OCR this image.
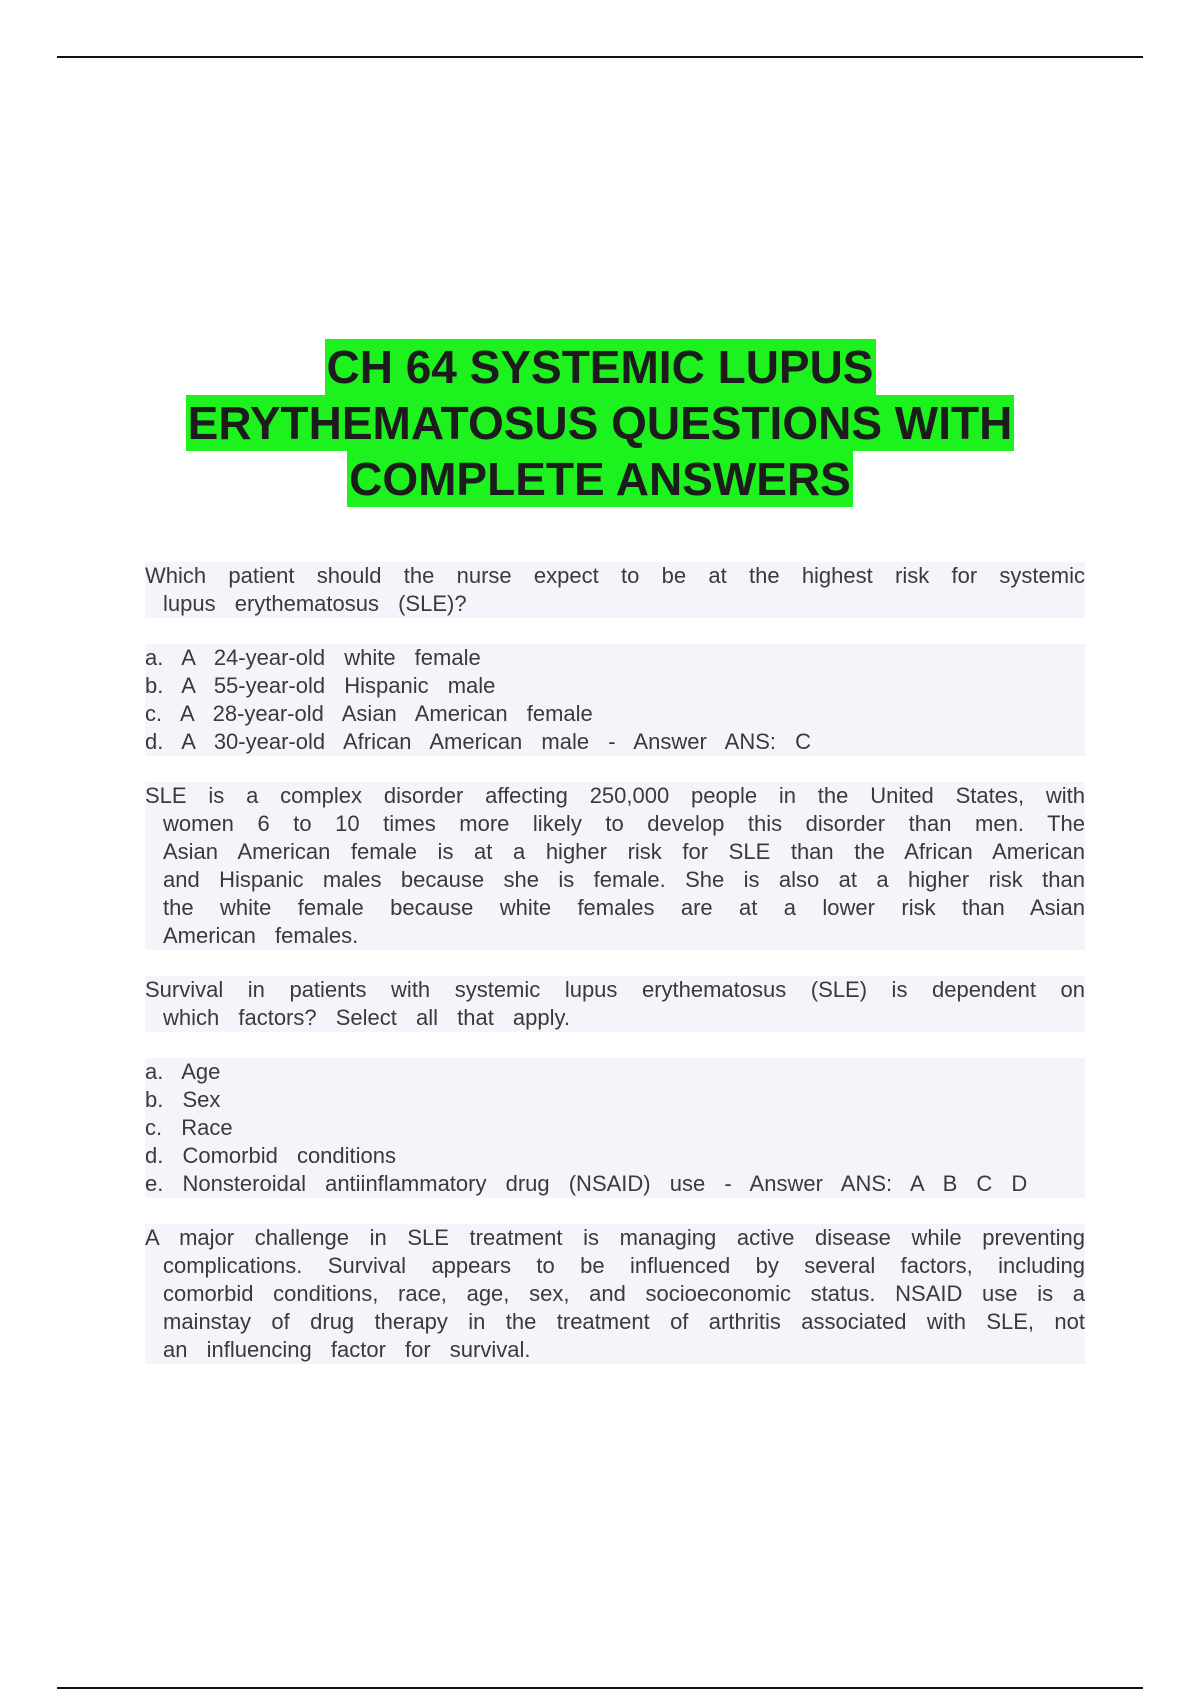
CH 64 SYSTEMIC LUPUS
ERYTHEMATOSUS QUESTIONS WITH
COMPLETE ANSWERS

Which patient should the nurse expect to be at the highest risk for systemic lupus erythematosus (SLE)?

a. A 24-year-old white female
b. A 55-year-old Hispanic male
c. A 28-year-old Asian American female
d. A 30-year-old African American male - Answer ANS: C

SLE is a complex disorder affecting 250,000 people in the United States, with women 6 to 10 times more likely to develop this disorder than men. The Asian American female is at a higher risk for SLE than the African American and Hispanic males because she is female. She is also at a higher risk than the white female because white females are at a lower risk than Asian American females.

Survival in patients with systemic lupus erythematosus (SLE) is dependent on which factors? Select all that apply.

a. Age
b. Sex
c. Race
d. Comorbid conditions
e. Nonsteroidal antiinflammatory drug (NSAID) use - Answer ANS: A B C D

A major challenge in SLE treatment is managing active disease while preventing complications. Survival appears to be influenced by several factors, including comorbid conditions, race, age, sex, and socioeconomic status. NSAID use is a mainstay of drug therapy in the treatment of arthritis associated with SLE, not an influencing factor for survival.
